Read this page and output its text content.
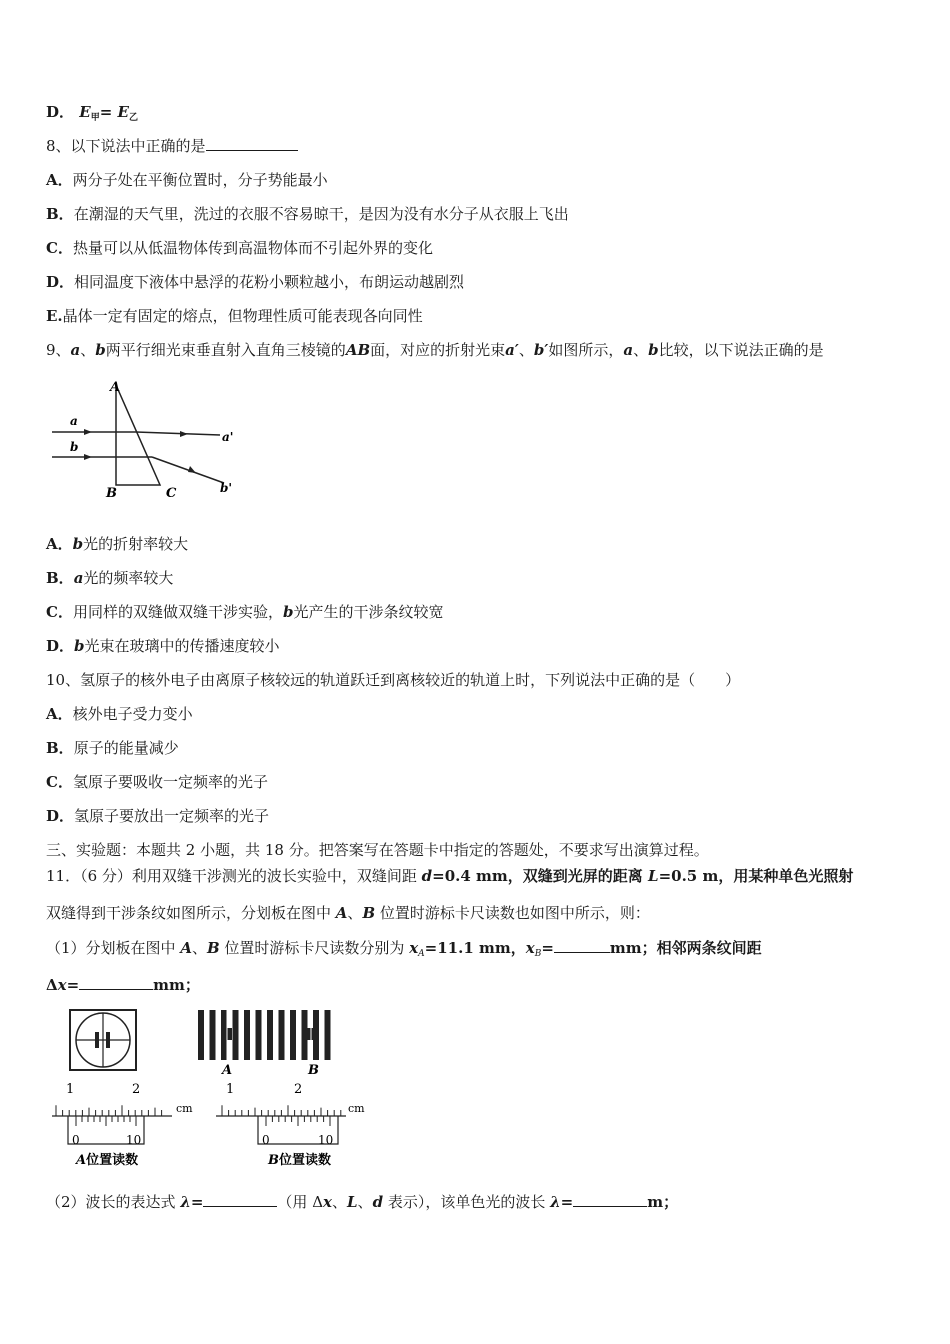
D． $E_甲= E_乙$
8、以下说法中正确的是
A．两分子处在平衡位置时，分子势能最小
B．在潮湿的天气里，洗过的衣服不容易晾干，是因为没有水分子从衣服上飞出
C．热量可以从低温物体传到高温物体而不引起外界的变化
D．相同温度下液体中悬浮的花粉小颗粒越小，布朗运动越剧烈
E.晶体一定有固定的熔点，但物理性质可能表现各向同性
9、a、b两平行细光束垂直射入直角三棱镜的AB面，对应的折射光束a′、b′如图所示，a、b比较，以下说法正确的是
A
B	C
a
b
a'
b'
A．b光的折射率较大
B．a光的频率较大
C．用同样的双缝做双缝干涉实验，b光产生的干涉条纹较宽
D．b光束在玻璃中的传播速度较小
10、氢原子的核外电子由离原子核较远的轨道跃迁到离核较近的轨道上时，下列说法中正确的是（　　）
A．核外电子受力变小
B．原子的能量减少
C．氢原子要吸收一定频率的光子
D．氢原子要放出一定频率的光子
三、实验题：本题共 2 小题，共 18 分。把答案写在答题卡中指定的答题处，不要求写出演算过程。
11．（6 分）利用双缝干涉测光的波长实验中，双缝间距 d=0.4 mm，双缝到光屏的距离 L=0.5 m，用某种单色光照射
双缝得到干涉条纹如图所示，分划板在图中 A、B 位置时游标卡尺读数也如图中所示，则：
（1）分划板在图中 A、B 位置时游标卡尺读数分别为 $x_A=11.1$ mm，$x_B=$	mm；相邻两条纹间距
Δx=	mm；
A	B
1	2
cm
0	10
A位置读数
1	2
cm
0	10
B位置读数
（2）波长的表达式 λ=	（用 Δx、L、d 表示），该单色光的波长 λ=	m；
